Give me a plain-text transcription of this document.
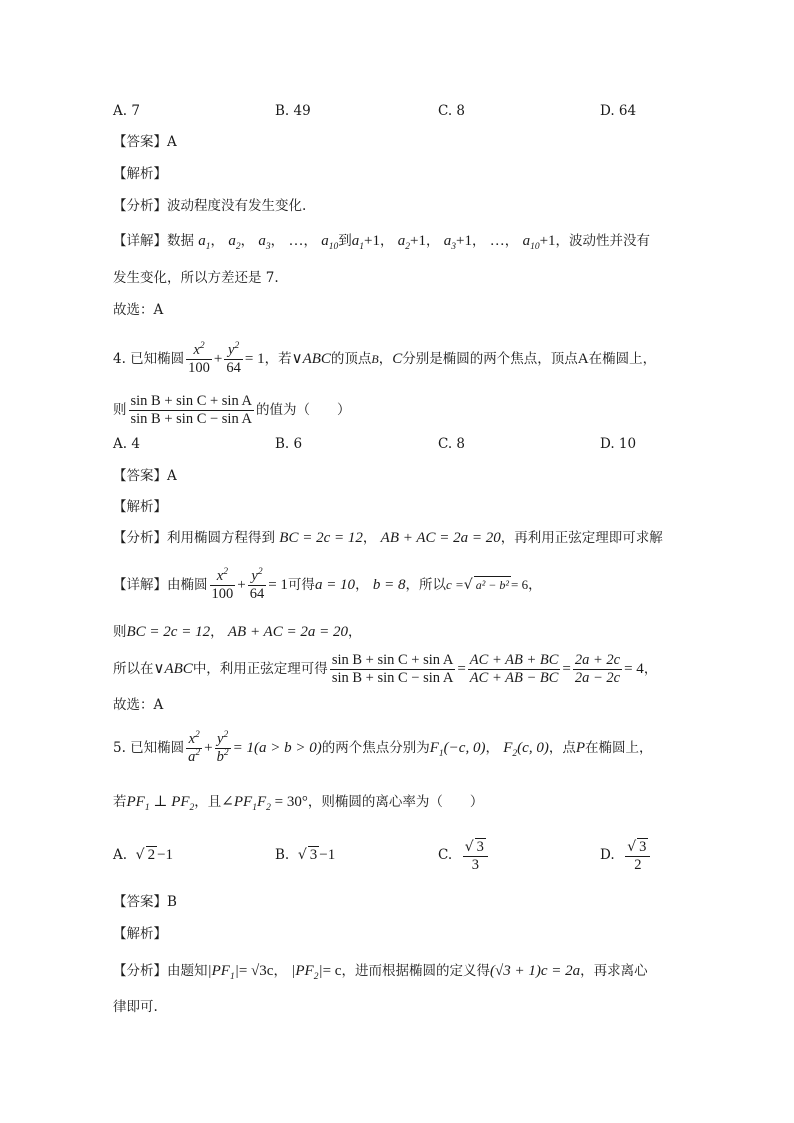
A. 7	B. 49	C. 8	D. 64
【答案】A
【解析】
【分析】波动程度没有发生变化.
【详解】数据 $a_1$， $a_2$， $a_3$， …， $a_{10}$到$a_1+1$， $a_2+1$， $a_3+1$， …， $a_{10}+1$，波动性并没有
发生变化，所以方差还是 7.
故选：A
4. 已知椭圆 $\frac{x^2}{100} + \frac{y^2}{64} = 1$，若∨ABC的顶点B，C分别是椭圆的两个焦点，顶点A在椭圆上，
则 $\frac{\text{sin B + sin C + sin A}}{\text{sin B + sin C − sin A}}$ 的值为（　　）
A. 4	B. 6	C. 8	D. 10
【答案】A
【解析】
【分析】利用椭圆方程得到 BC = 2c = 12， AB + AC = 2a = 20，再利用正弦定理即可求解
【详解】由椭圆 $\frac{x^2}{100} + \frac{y^2}{64} = 1$可得a = 10， b = 8，所以c =√ a² − b² = 6，
则BC = 2c = 12， AB + AC = 2a = 20，
所以在∨ABC中，利用正弦定理可得 $\frac{\text{sin B + sin C + sin A}}{\text{sin B + sin C − sin A}} = \frac{AC + AB + BC}{AC + AB - BC} = \frac{2a + 2c}{2a - 2c} = 4$，
故选：A
5. 已知椭圆 $\frac{x^2}{a^2} + \frac{y^2}{b^2} = 1(a > b > 0)$的两个焦点分别为$F_1(-c$, 0)， $F_2(c$, 0)，点P在椭圆上，
若$PF_1$ ⊥ $PF_2$，且$\angle PF_1F_2 = 30^\circ$，则椭圆的离心率为（　　）
A. √ 2 −1	B. √ 3 −1	C. $\frac{√ 3}{3}$	D. $\frac{√ 3}{2}$
【答案】B
【解析】
【分析】由题知$|PF_1|= √3c$， $|PF_2|= c$，进而根据椭圆的定义得(√3 + 1)c = 2a，再求离心
律即可.
